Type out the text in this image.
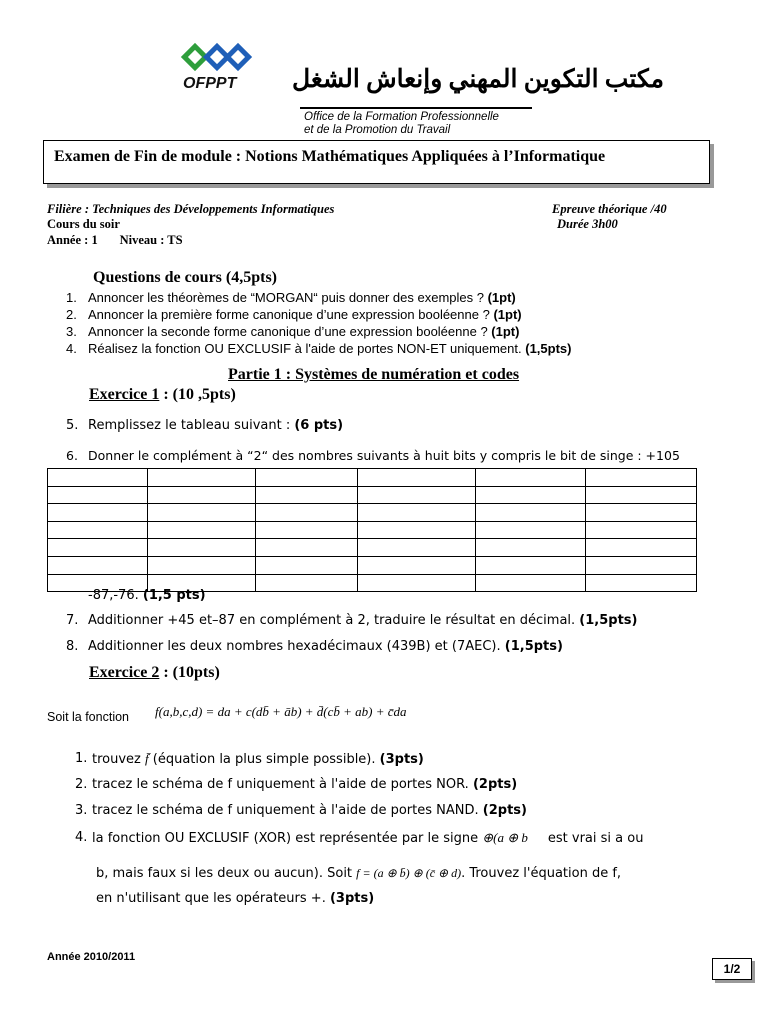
OFPPT مكتب التكوين المهني وإنعاش الشغل
Office de la Formation Professionnelle
et de la Promotion du Travail
Examen de Fin de module : Notions Mathématiques Appliquées à l’Informatique
Filière : Techniques des Développements Informatiques	Epreuve théorique /40
Cours du soir	Durée 3h00
Année : 1       Niveau : TS
Questions de cours (4,5pts)
1. Annoncer les théorèmes de “MORGAN“ puis donner des exemples ? (1pt)
2. Annoncer la première forme canonique d’une expression booléenne ? (1pt)
3. Annoncer la seconde forme canonique d’une expression booléenne ? (1pt)
4. Réalisez la fonction OU EXCLUSIF à l'aide de portes NON-ET uniquement. (1,5pts)
Partie 1 : Systèmes de numération et codes
Exercice 1 : (10 ,5pts)
5. Remplissez le tableau suivant : (6 pts)
6. Donner le complément à “2“ des nombres suivants à huit bits y compris le bit de singe : +105

-87,-76. (1,5 pts)
7. Additionner +45 et–87 en complément à 2, traduire le résultat en décimal. (1,5pts)
8. Additionner les deux nombres hexadécimaux (439B) et (7AEC). (1,5pts)
Exercice 2 : (10pts)
Soit la fonction f(a,b,c,d) = da + c(db̄ + āb) + d̄(cb̄ + ab) + c̄da
1. trouvez f̄ (équation la plus simple possible). (3pts)
2. tracez le schéma de f uniquement à l'aide de portes NOR. (2pts)
3. tracez le schéma de f uniquement à l'aide de portes NAND. (2pts)
4. la fonction OU EXCLUSIF (XOR) est représentée par le signe ⊕(a ⊕ b est vrai si a ou
b, mais faux si les deux ou aucun). Soit f = (a ⊕ b̄) ⊕ (c̄ ⊕ d). Trouvez l'équation de f,
en n'utilisant que les opérateurs +. (3pts)
Année 2010/2011
1/2
